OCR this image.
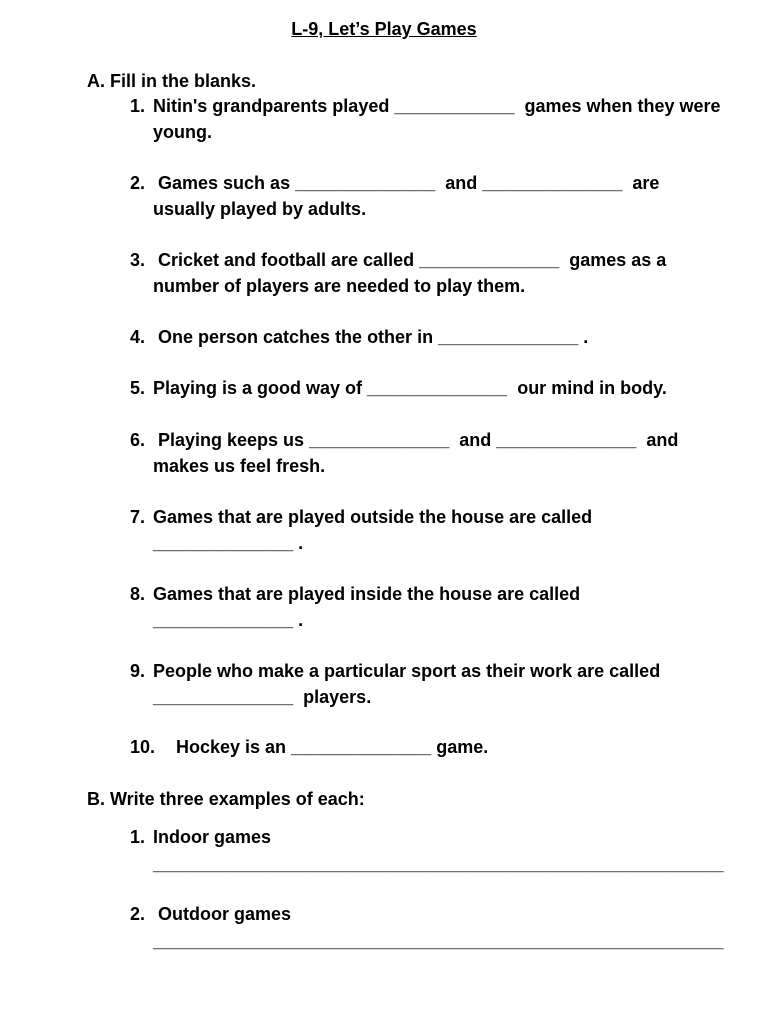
L-9, Let’s Play Games
A. Fill in the blanks.
1. Nitin's grandparents played ____________  games when they were
young.
2. Games such as ______________  and ______________  are
usually played by adults.
3. Cricket and football are called ______________  games as a
number of players are needed to play them.
4. One person catches the other in ______________ .
5. Playing is a good way of ______________  our mind in body.
6. Playing keeps us ______________  and ______________  and
makes us feel fresh.
7. Games that are played outside the house are called
______________ .
8. Games that are played inside the house are called
______________ .
9. People who make a particular sport as their work are called
______________  players.
10. Hockey is an ______________ game.
B. Write three examples of each:
1. Indoor games
_________________________________________________________
2. Outdoor games
_________________________________________________________
